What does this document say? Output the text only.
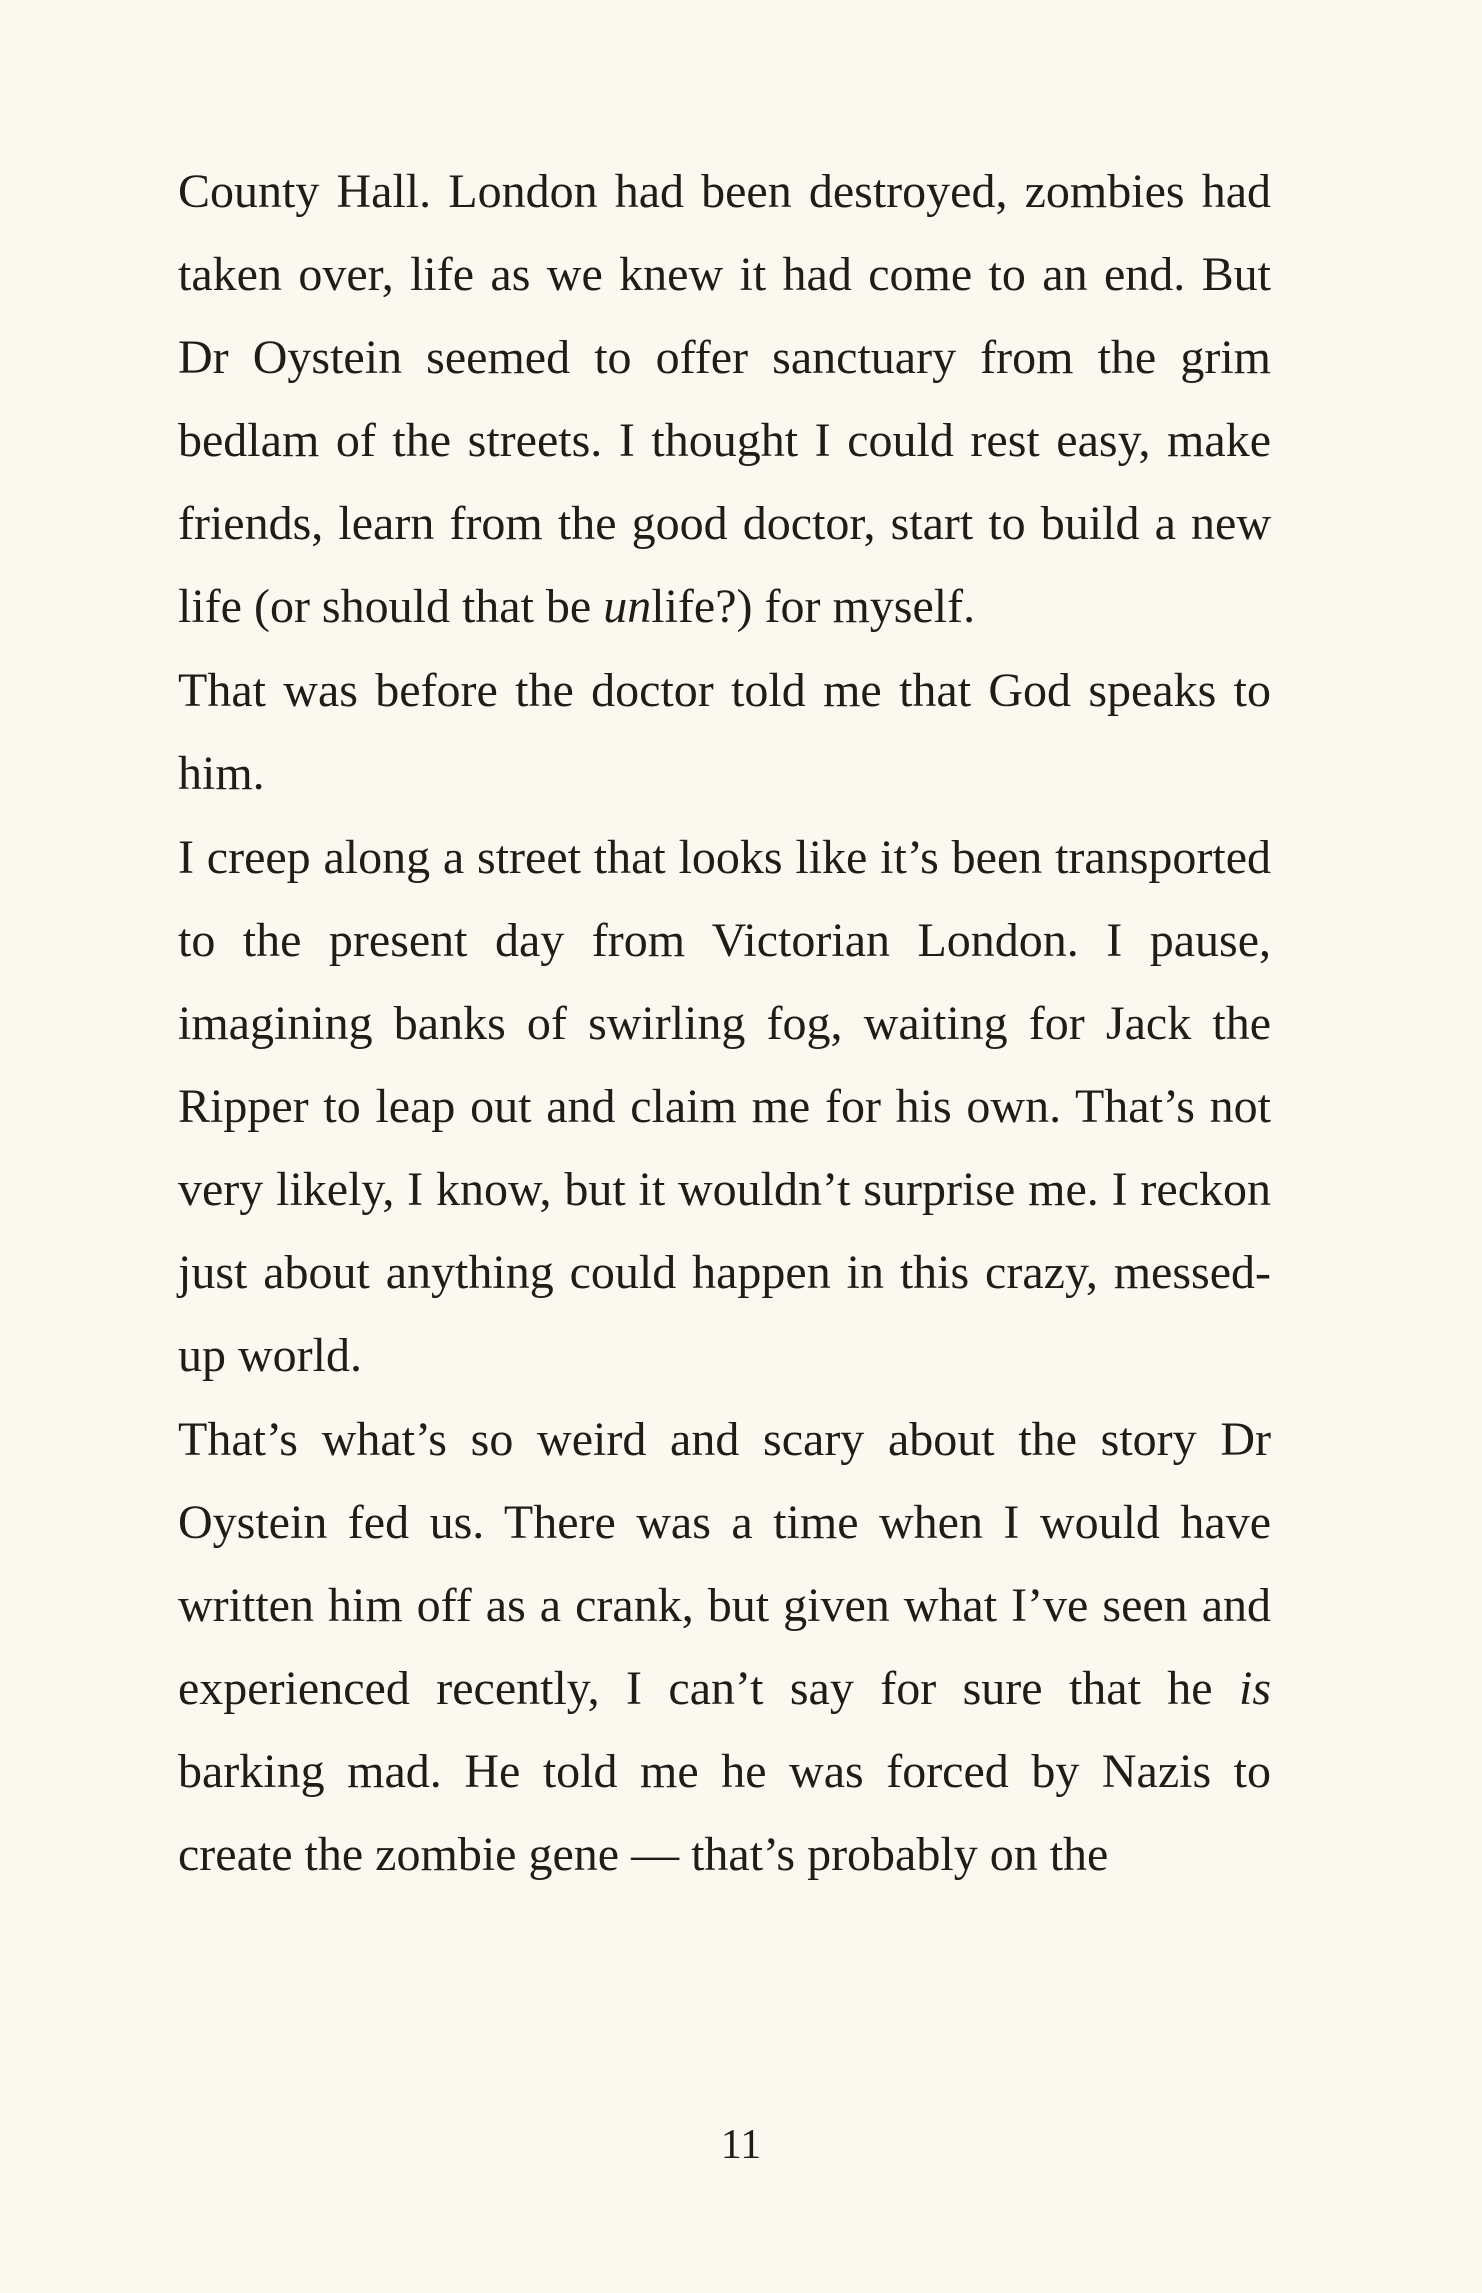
County Hall. London had been destroyed, zombies had taken over, life as we knew it had come to an end. But Dr Oystein seemed to offer sanctuary from the grim bedlam of the streets. I thought I could rest easy, make friends, learn from the good doctor, start to build a new life (or should that be unlife?) for myself.

That was before the doctor told me that God speaks to him.

I creep along a street that looks like it’s been transported to the present day from Victorian London. I pause, imagining banks of swirling fog, waiting for Jack the Ripper to leap out and claim me for his own. That’s not very likely, I know, but it wouldn’t surprise me. I reckon just about anything could happen in this crazy, messed-up world.

That’s what’s so weird and scary about the story Dr Oystein fed us. There was a time when I would have written him off as a crank, but given what I’ve seen and experienced recently, I can’t say for sure that he is barking mad. He told me he was forced by Nazis to create the zombie gene — that’s probably on the

11
